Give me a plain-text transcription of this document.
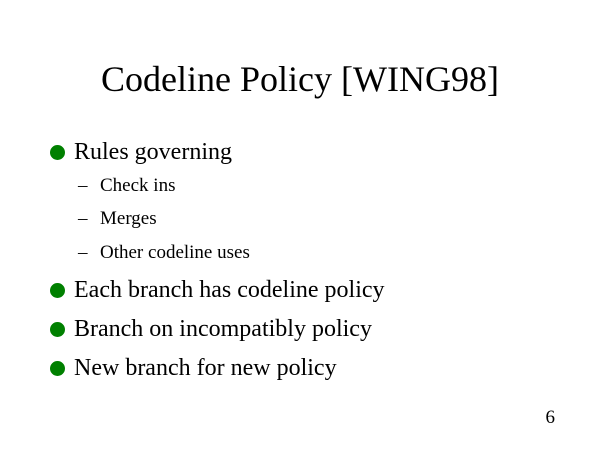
Codeline Policy [WING98]
Rules governing
– Check ins
– Merges
– Other codeline uses
Each branch has codeline policy
Branch on incompatibly policy
New branch for new policy
6
